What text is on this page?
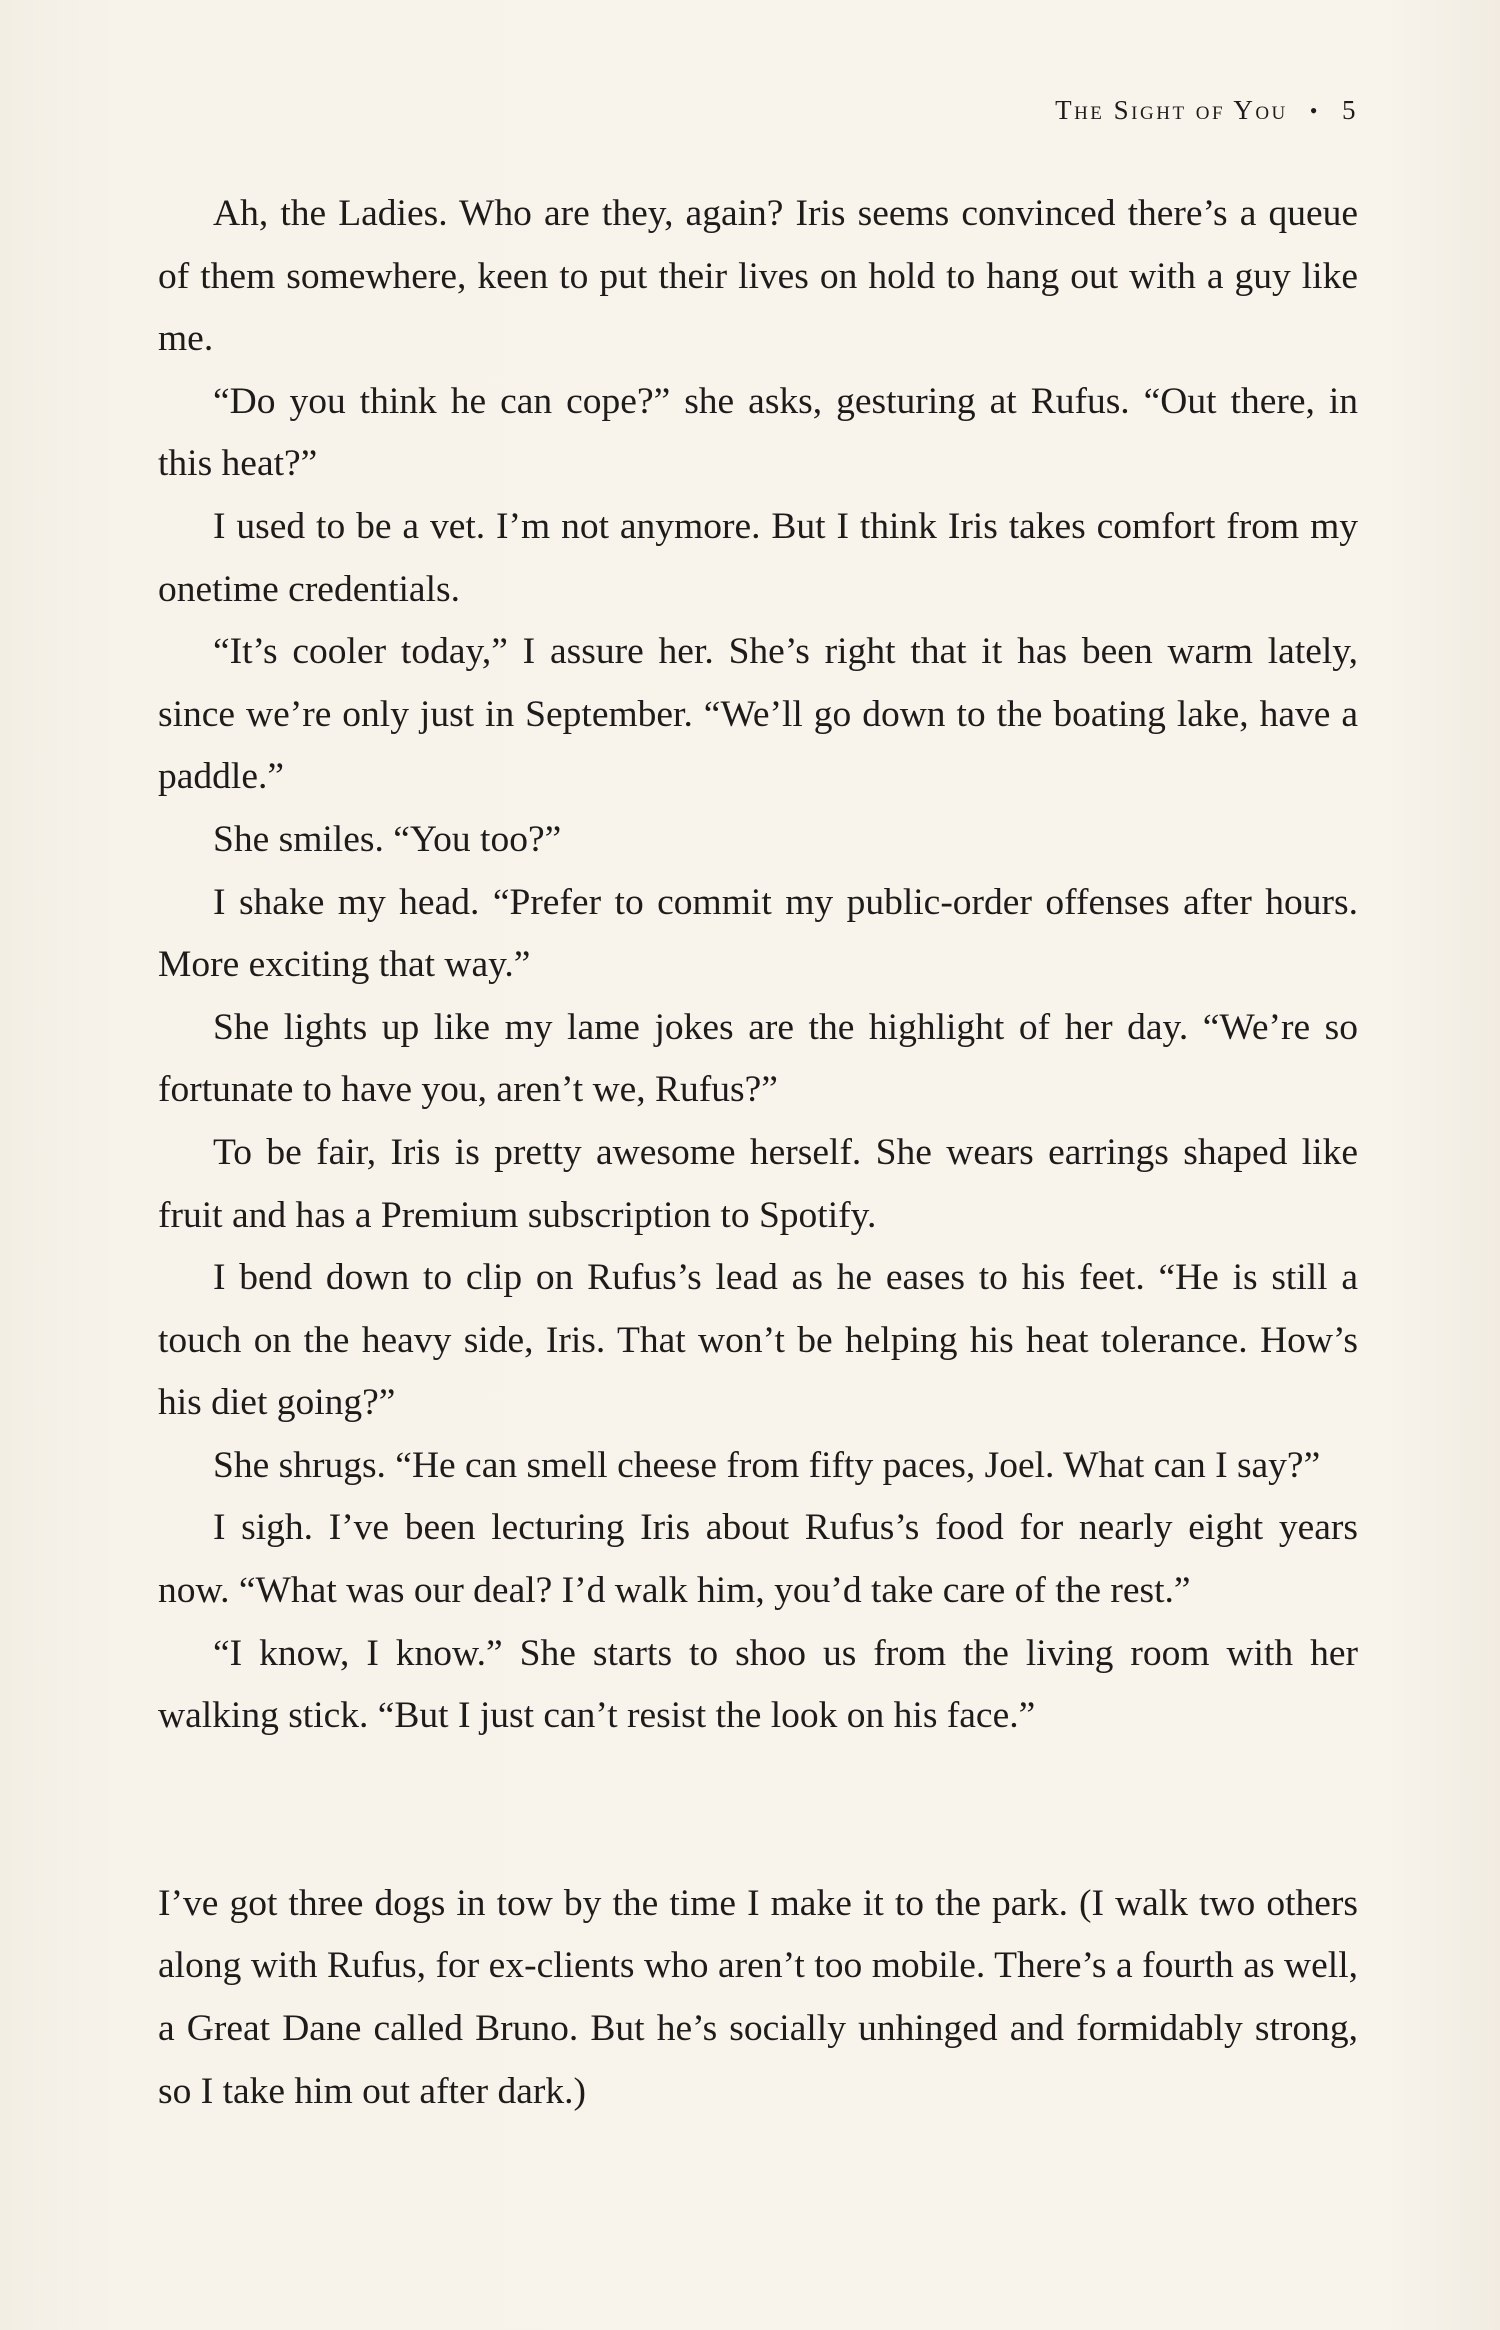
The Sight of You • 5

Ah, the Ladies. Who are they, again? Iris seems convinced there’s a queue of them somewhere, keen to put their lives on hold to hang out with a guy like me.

“Do you think he can cope?” she asks, gesturing at Rufus. “Out there, in this heat?”

I used to be a vet. I’m not anymore. But I think Iris takes comfort from my onetime credentials.

“It’s cooler today,” I assure her. She’s right that it has been warm lately, since we’re only just in September. “We’ll go down to the boating lake, have a paddle.”

She smiles. “You too?”

I shake my head. “Prefer to commit my public-order offenses after hours. More exciting that way.”

She lights up like my lame jokes are the highlight of her day. “We’re so fortunate to have you, aren’t we, Rufus?”

To be fair, Iris is pretty awesome herself. She wears earrings shaped like fruit and has a Premium subscription to Spotify.

I bend down to clip on Rufus’s lead as he eases to his feet. “He is still a touch on the heavy side, Iris. That won’t be helping his heat tolerance. How’s his diet going?”

She shrugs. “He can smell cheese from fifty paces, Joel. What can I say?”

I sigh. I’ve been lecturing Iris about Rufus’s food for nearly eight years now. “What was our deal? I’d walk him, you’d take care of the rest.”

“I know, I know.” She starts to shoo us from the living room with her walking stick. “But I just can’t resist the look on his face.”

I’ve got three dogs in tow by the time I make it to the park. (I walk two others along with Rufus, for ex-clients who aren’t too mobile. There’s a fourth as well, a Great Dane called Bruno. But he’s socially unhinged and formidably strong, so I take him out after dark.)
